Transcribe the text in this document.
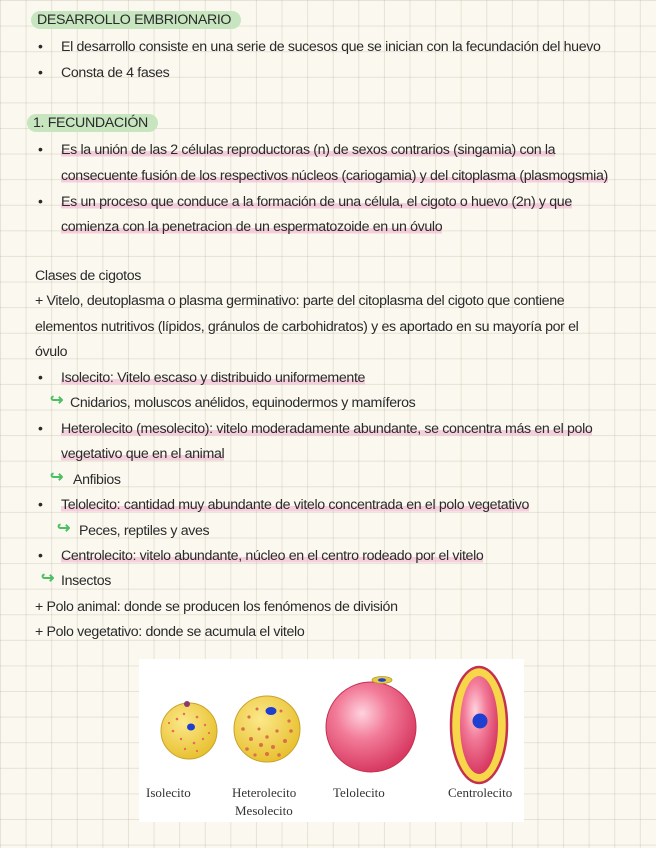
DESARROLLO EMBRIONARIO
• El desarrollo consiste en una serie de sucesos que se inician con la fecundación del huevo
• Consta de 4 fases
1. FECUNDACIÓN
• Es la unión de las 2 células reproductoras (n) de sexos contrarios (singamia) con la
consecuente fusión de los respectivos núcleos (cariogamia) y del citoplasma (plasmogsmia)
• Es un proceso que conduce a la formación de una célula, el cigoto o huevo (2n) y que
comienza con la penetracion de un espermatozoide en un óvulo
Clases de cigotos
+ Vitelo, deutoplasma o plasma germinativo: parte del citoplasma del cigoto que contiene
elementos nutritivos (lípidos, gránulos de carbohidratos) y es aportado en su mayoría por el
óvulo
• Isolecito: Vitelo escaso y distribuido uniformemente
↪ Cnidarios, moluscos anélidos, equinodermos y mamíferos
• Heterolecito (mesolecito): vitelo moderadamente abundante, se concentra más en el polo
vegetativo que en el animal
↪ Anfibios
• Telolecito: cantidad muy abundante de vitelo concentrada en el polo vegetativo
↪ Peces, reptiles y aves
• Centrolecito: vitelo abundante, núcleo en el centro rodeado por el vitelo
↪ Insectos
+ Polo animal: donde se producen los fenómenos de división
+ Polo vegetativo: donde se acumula el vitelo
Isolecito	Heterolecito
Mesolecito
Telolecito	Centrolecito
